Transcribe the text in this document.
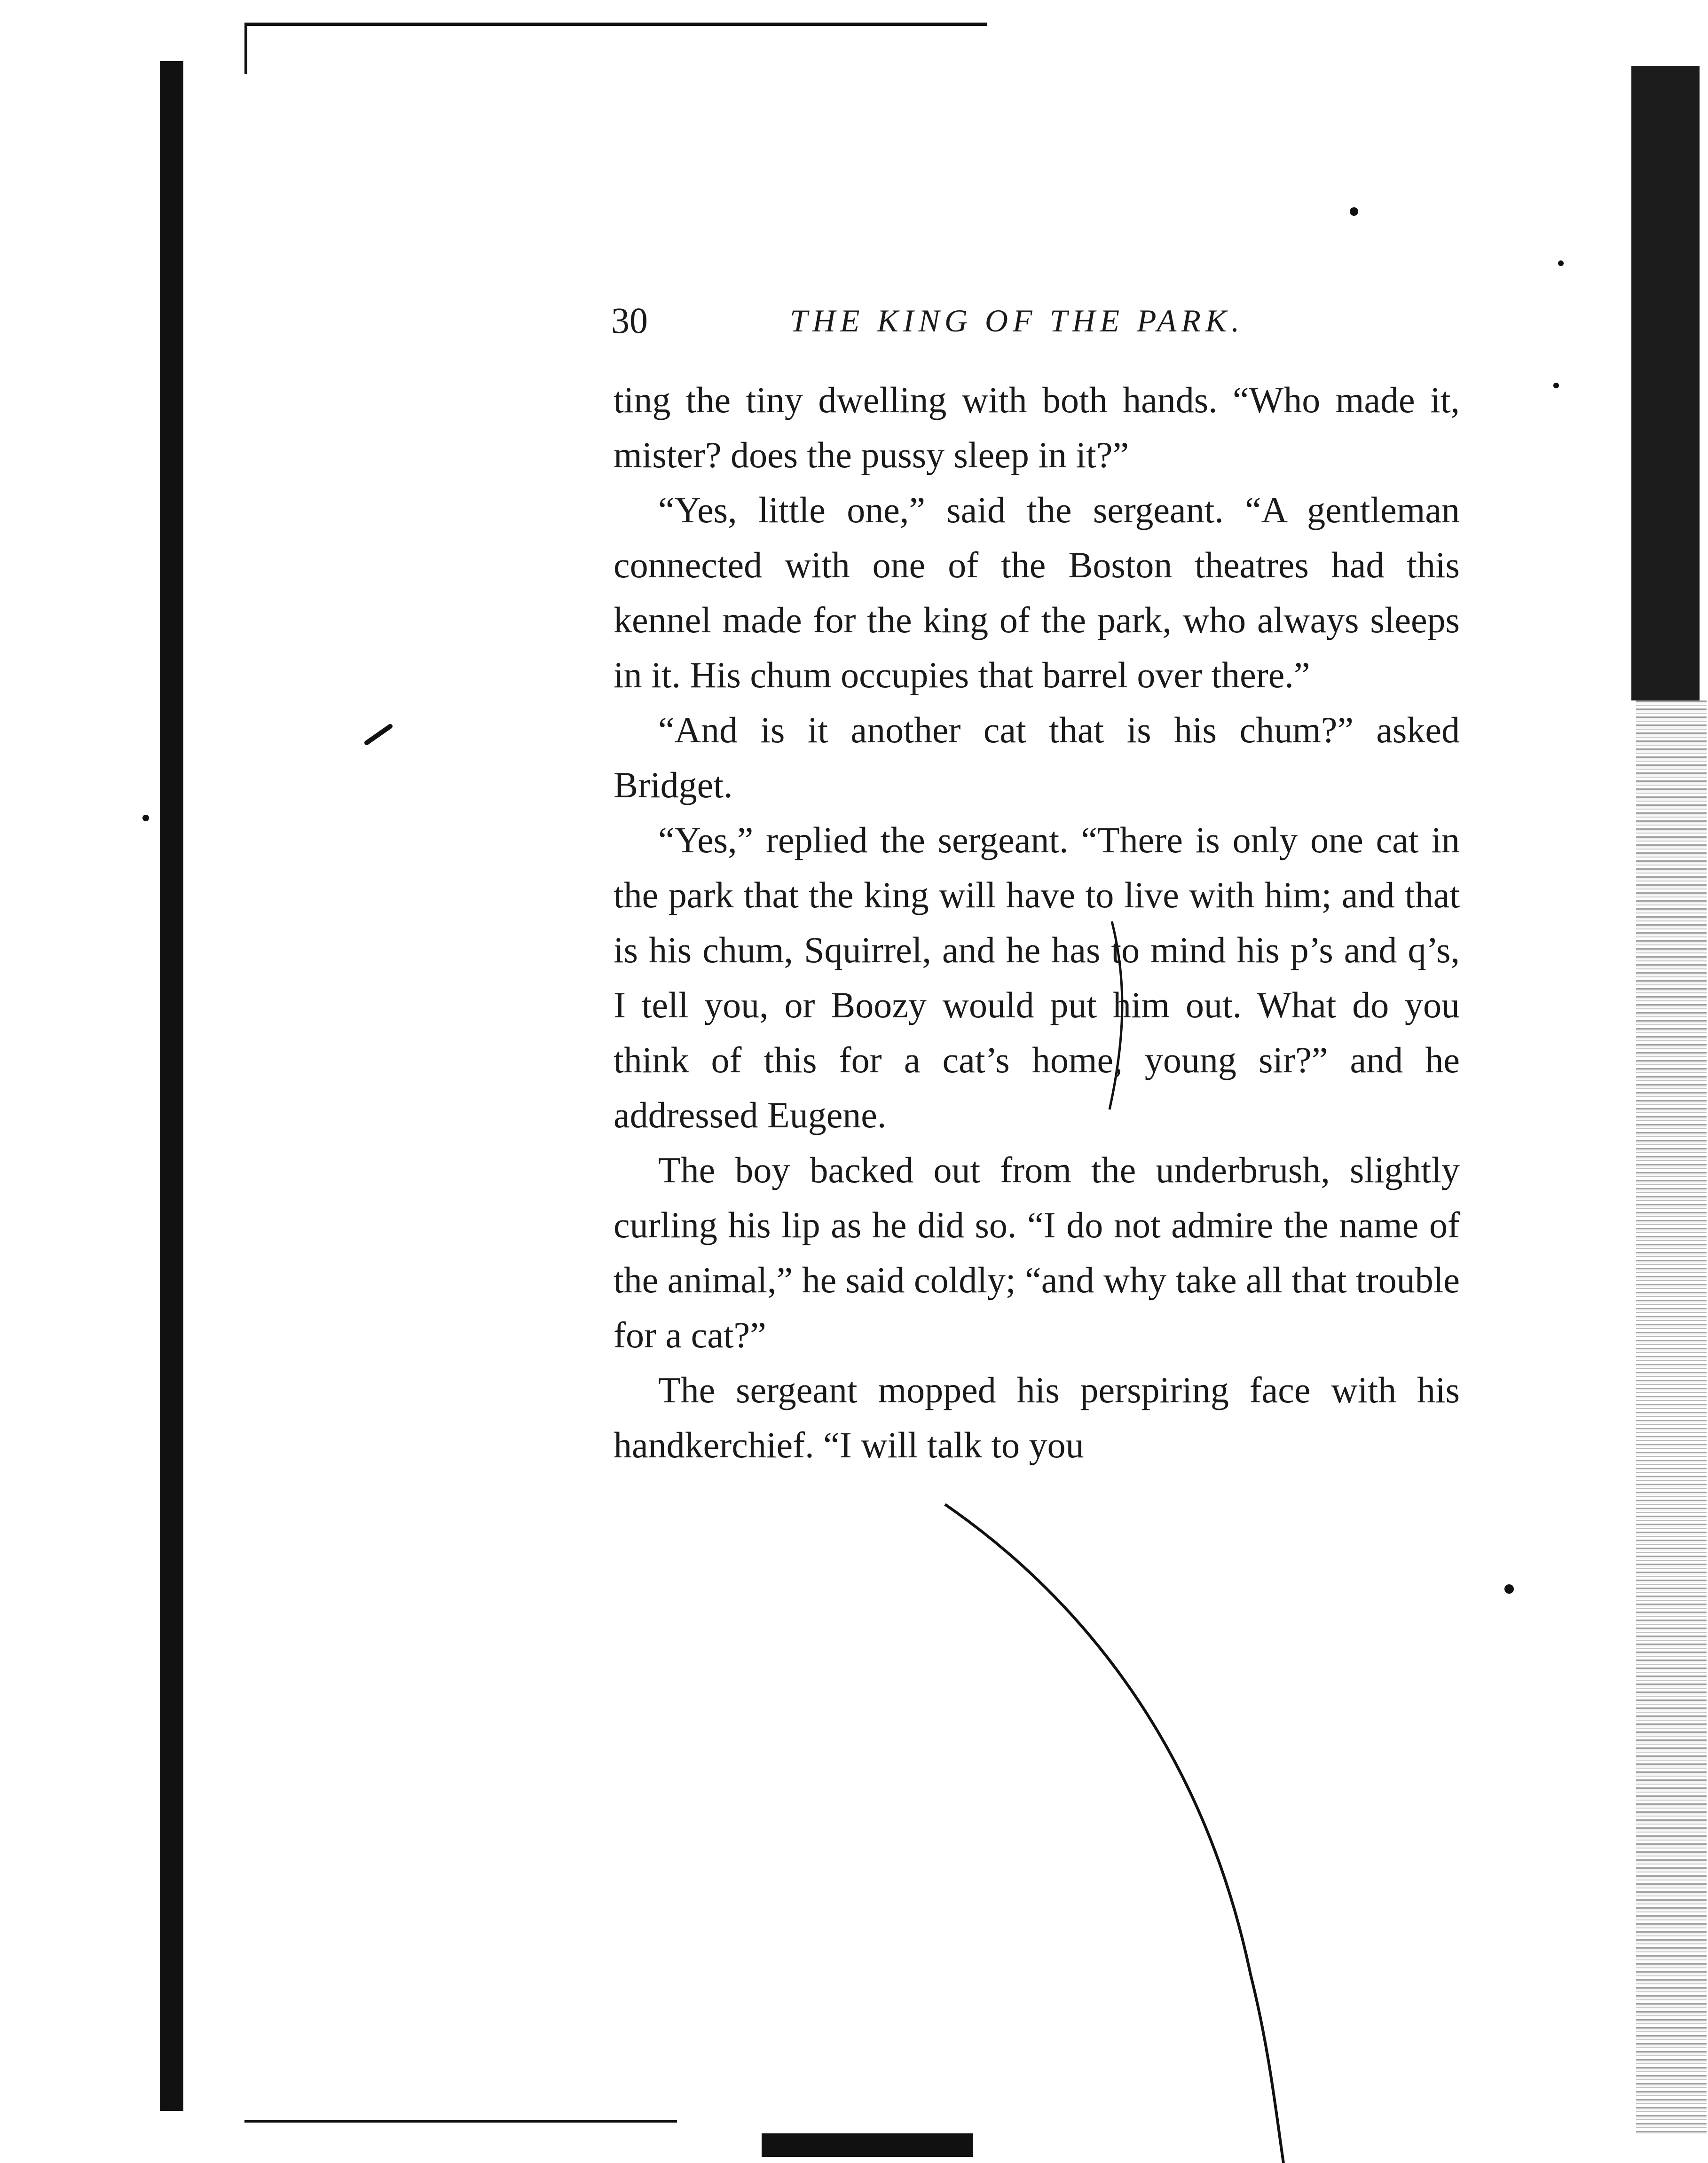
30	THE KING OF THE PARK.

ting the tiny dwelling with both hands. “Who made it, mister? does the pussy sleep in it?”

“Yes, little one,” said the sergeant. “A gentleman connected with one of the Boston theatres had this kennel made for the king of the park, who always sleeps in it. His chum occupies that barrel over there.”

“And is it another cat that is his chum?” asked Bridget.

“Yes,” replied the sergeant. “There is only one cat in the park that the king will have to live with him; and that is his chum, Squirrel, and he has to mind his p’s and q’s, I tell you, or Boozy would put him out. What do you think of this for a cat’s home, young sir?” and he addressed Eugene.

The boy backed out from the underbrush, slightly curling his lip as he did so. “I do not admire the name of the animal,” he said coldly; “and why take all that trouble for a cat?”

The sergeant mopped his perspiring face with his handkerchief. “I will talk to you
